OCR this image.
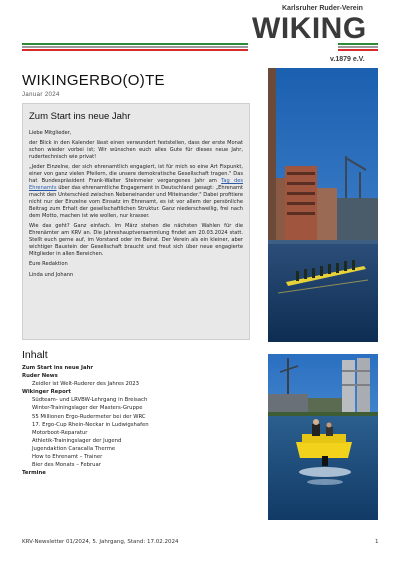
Karlsruher Ruder-Verein
WIKING
v.1879 e.V.
WIKINGERBO(O)TE
Januar 2024
Zum Start ins neue Jahr

Liebe Mitglieder,

der Blick in den Kalender lässt einen verwundert feststellen, dass der erste Monat schon wieder vorbei ist; Wir wünschen euch alles Gute für dieses neue Jahr, rudertechnisch wie privat!

„Jeder Einzelne, der sich ehrenamtlich engagiert, ist für mich so eine Art Fixpunkt, einer von ganz vielen Pfeilern, die unsere demokratische Gesellschaft tragen." Das hat Bundespräsident Frank-Walter Steinmeier vergangenes Jahr am Tag des Ehrenamts über das ehrenamtliche Engagement in Deutschland gesagt: „Ehrenamt macht den Unterschied zwischen Nebeneinander und Miteinander." Dabei profitiere nicht nur der Einzelne vom Einsatz im Ehrenamt, es ist vor allem der persönliche Beitrag zum Erhalt der gesellschaftlichen Struktur. Ganz niederschwellig, frei nach dem Motto, machen ist wie wollen, nur krasser.

Wie das geht? Ganz einfach. Im März stehen die nächsten Wahlen für die Ehrenämter am KRV an. Die Jahreshauptversammlung findet am 20.03.2024 statt. Stellt euch gerne auf, im Vorstand oder im Beirat. Der Verein als ein kleiner, aber wichtiger Baustein der Gesellschaft braucht und freut sich über neue engagierte Mitglieder in allen Bereichen.

Eure Redaktion

Linda und Johann

Inhalt
Zum Start ins neue Jahr
Ruder News
Zeidler ist Welt-Ruderer des Jahres 2023
Wikinger Report
Südteam- und LRVBW-Lehrgang in Breisach
Winter-Trainingslager der Masters-Gruppe
55 Millionen Ergo-Rudermeter bei der WRC
17. Ergo-Cup Rhein-Neckar in Ludwigshafen
Motorboot-Reparatur
Athletik-Trainingslager der Jugend
Jugendaktion Caracalla Therme
How to Ehrenamt – Trainer
Bier des Monats – Februar
Termine
KRV-Newsletter 01/2024, 5. Jahrgang, Stand: 17.02.2024	1
